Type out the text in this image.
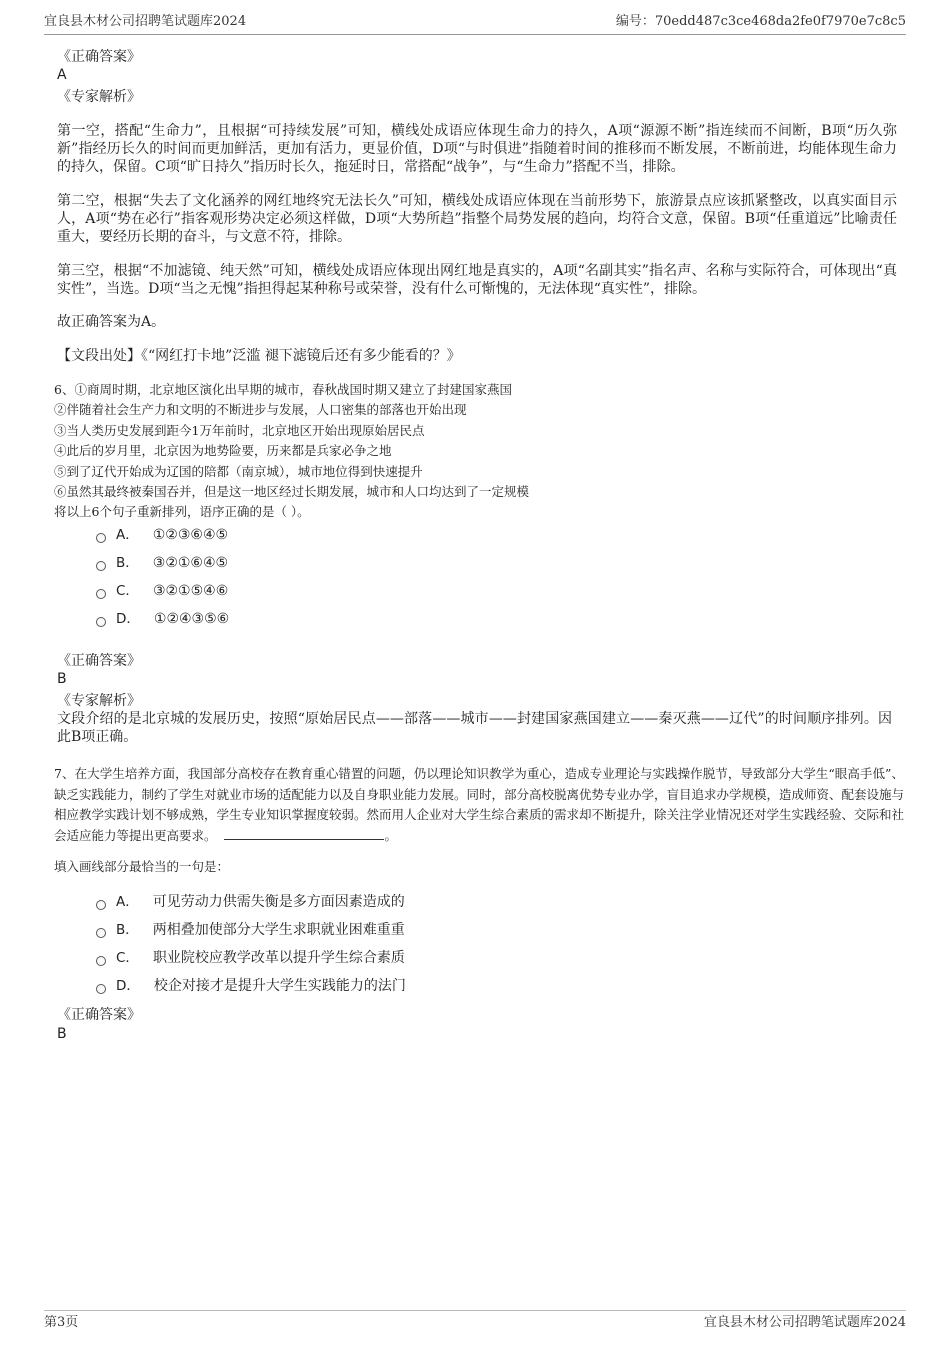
宜良县木材公司招聘笔试题库2024	编号：70edd487c3ce468da2fe0f7970e7c8c5

《正确答案》

A

《专家解析》

第一空，搭配“生命力”，且根据“可持续发展”可知，横线处成语应体现生命力的持久，A项“源源不断”指连续而不间断，B项“历久弥新”指经历长久的时间而更加鲜活，更加有活力，更显价值，D项“与时俱进”指随着时间的推移而不断发展，不断前进，均能体现生命力的持久，保留。C项“旷日持久”指历时长久，拖延时日，常搭配“战争”，与“生命力”搭配不当，排除。

第二空，根据“失去了文化涵养的网红地终究无法长久”可知，横线处成语应体现在当前形势下，旅游景点应该抓紧整改，以真实面目示人，A项“势在必行”指客观形势决定必须这样做，D项“大势所趋”指整个局势发展的趋向，均符合文意，保留。B项“任重道远”比喻责任重大，要经历长期的奋斗，与文意不符，排除。

第三空，根据“不加滤镜、纯天然”可知，横线处成语应体现出网红地是真实的，A项“名副其实”指名声、名称与实际符合，可体现出“真实性”，当选。D项“当之无愧”指担得起某种称号或荣誉，没有什么可惭愧的，无法体现“真实性”，排除。

故正确答案为A。

【文段出处】《“网红打卡地”泛滥 褪下滤镜后还有多少能看的？》

6、①商周时期，北京地区演化出早期的城市，春秋战国时期又建立了封建国家燕国

②伴随着社会生产力和文明的不断进步与发展，人口密集的部落也开始出现

③当人类历史发展到距今1万年前时，北京地区开始出现原始居民点

④此后的岁月里，北京因为地势险要，历来都是兵家必争之地

⑤到了辽代开始成为辽国的陪都（南京城），城市地位得到快速提升

⑥虽然其最终被秦国吞并，但是这一地区经过长期发展，城市和人口均达到了一定规模

将以上6个句子重新排列，语序正确的是（ ）。

A． ①②③⑥④⑤
B． ③②①⑥④⑤
C． ③②①⑤④⑥
D． ①②④③⑤⑥

《正确答案》

B

《专家解析》

文段介绍的是北京城的发展历史，按照“原始居民点——部落——城市——封建国家燕国建立——秦灭燕——辽代”的时间顺序排列。因此B项正确。

7、在大学生培养方面，我国部分高校存在教育重心错置的问题，仍以理论知识教学为重心，造成专业理论与实践操作脱节，导致部分大学生“眼高手低”、缺乏实践能力，制约了学生对就业市场的适配能力以及自身职业能力发展。同时，部分高校脱离优势专业办学，盲目追求办学规模，造成师资、配套设施与相应教学实践计划不够成熟，学生专业知识掌握度较弱。然而用人企业对大学生综合素质的需求却不断提升，除关注学业情况还对学生实践经验、交际和社会适应能力等提出更高要求。	。

填入画线部分最恰当的一句是：

A． 可见劳动力供需失衡是多方面因素造成的
B． 两相叠加使部分大学生求职就业困难重重
C． 职业院校应教学改革以提升学生综合素质
D． 校企对接才是提升大学生实践能力的法门

《正确答案》

B

第3页	宜良县木材公司招聘笔试题库2024
